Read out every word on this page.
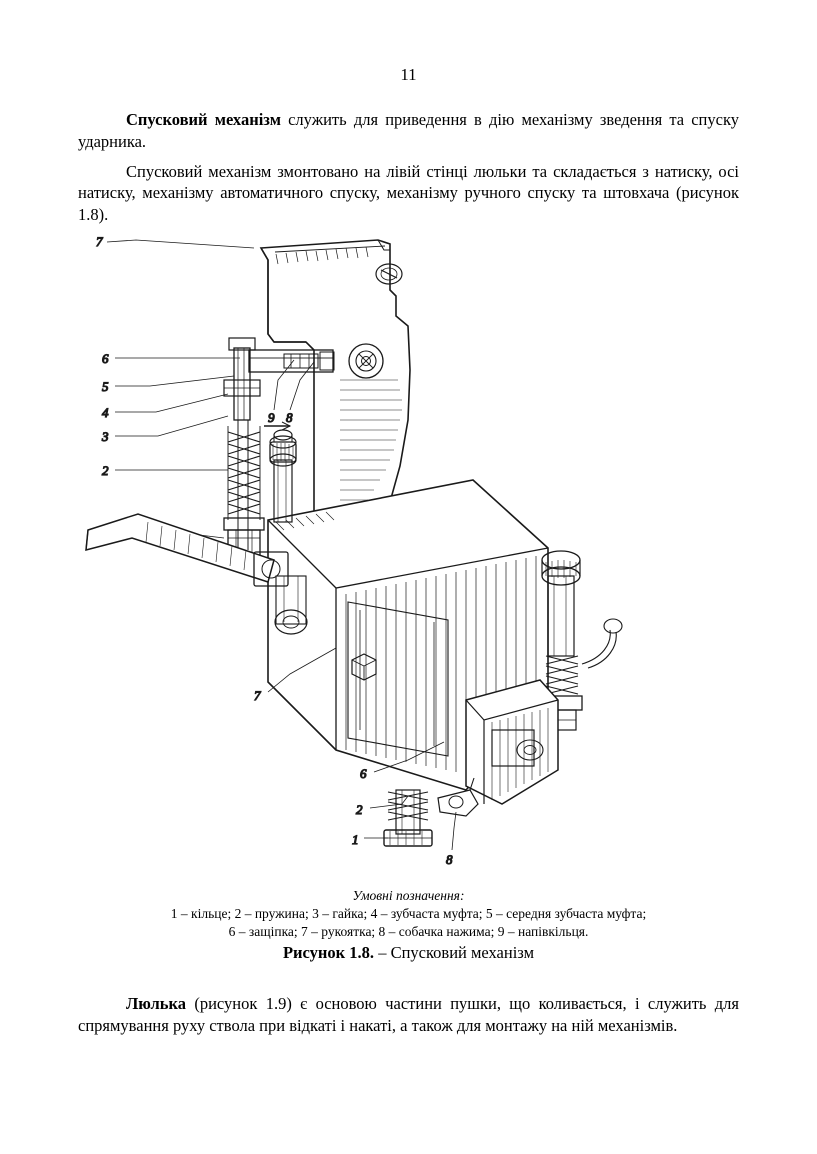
11

Спусковий механізм служить для приведення в дію механізму зведення та спуску ударника.

Спусковий механізм змонтовано на лівій стінці люльки та складається з натиску, осі натиску, механізму автоматичного спуску, механізму ручного спуску та штовхача (рисунок 1.8).

7
6
5
4
3
2
9 8
7
6
2
1
8
Умовні позначення:
1 – кільце; 2 – пружина; 3 – гайка; 4 – зубчаста муфта; 5 – середня зубчаста муфта;
6 – защіпка; 7 – рукоятка; 8 – собачка нажима; 9 – напівкільця.
Рисунок 1.8. – Спусковий механізм

Люлька (рисунок 1.9) є основою частини пушки, що коливається, і служить для спрямування руху ствола при відкаті і накаті, а також для монтажу на ній механізмів.
